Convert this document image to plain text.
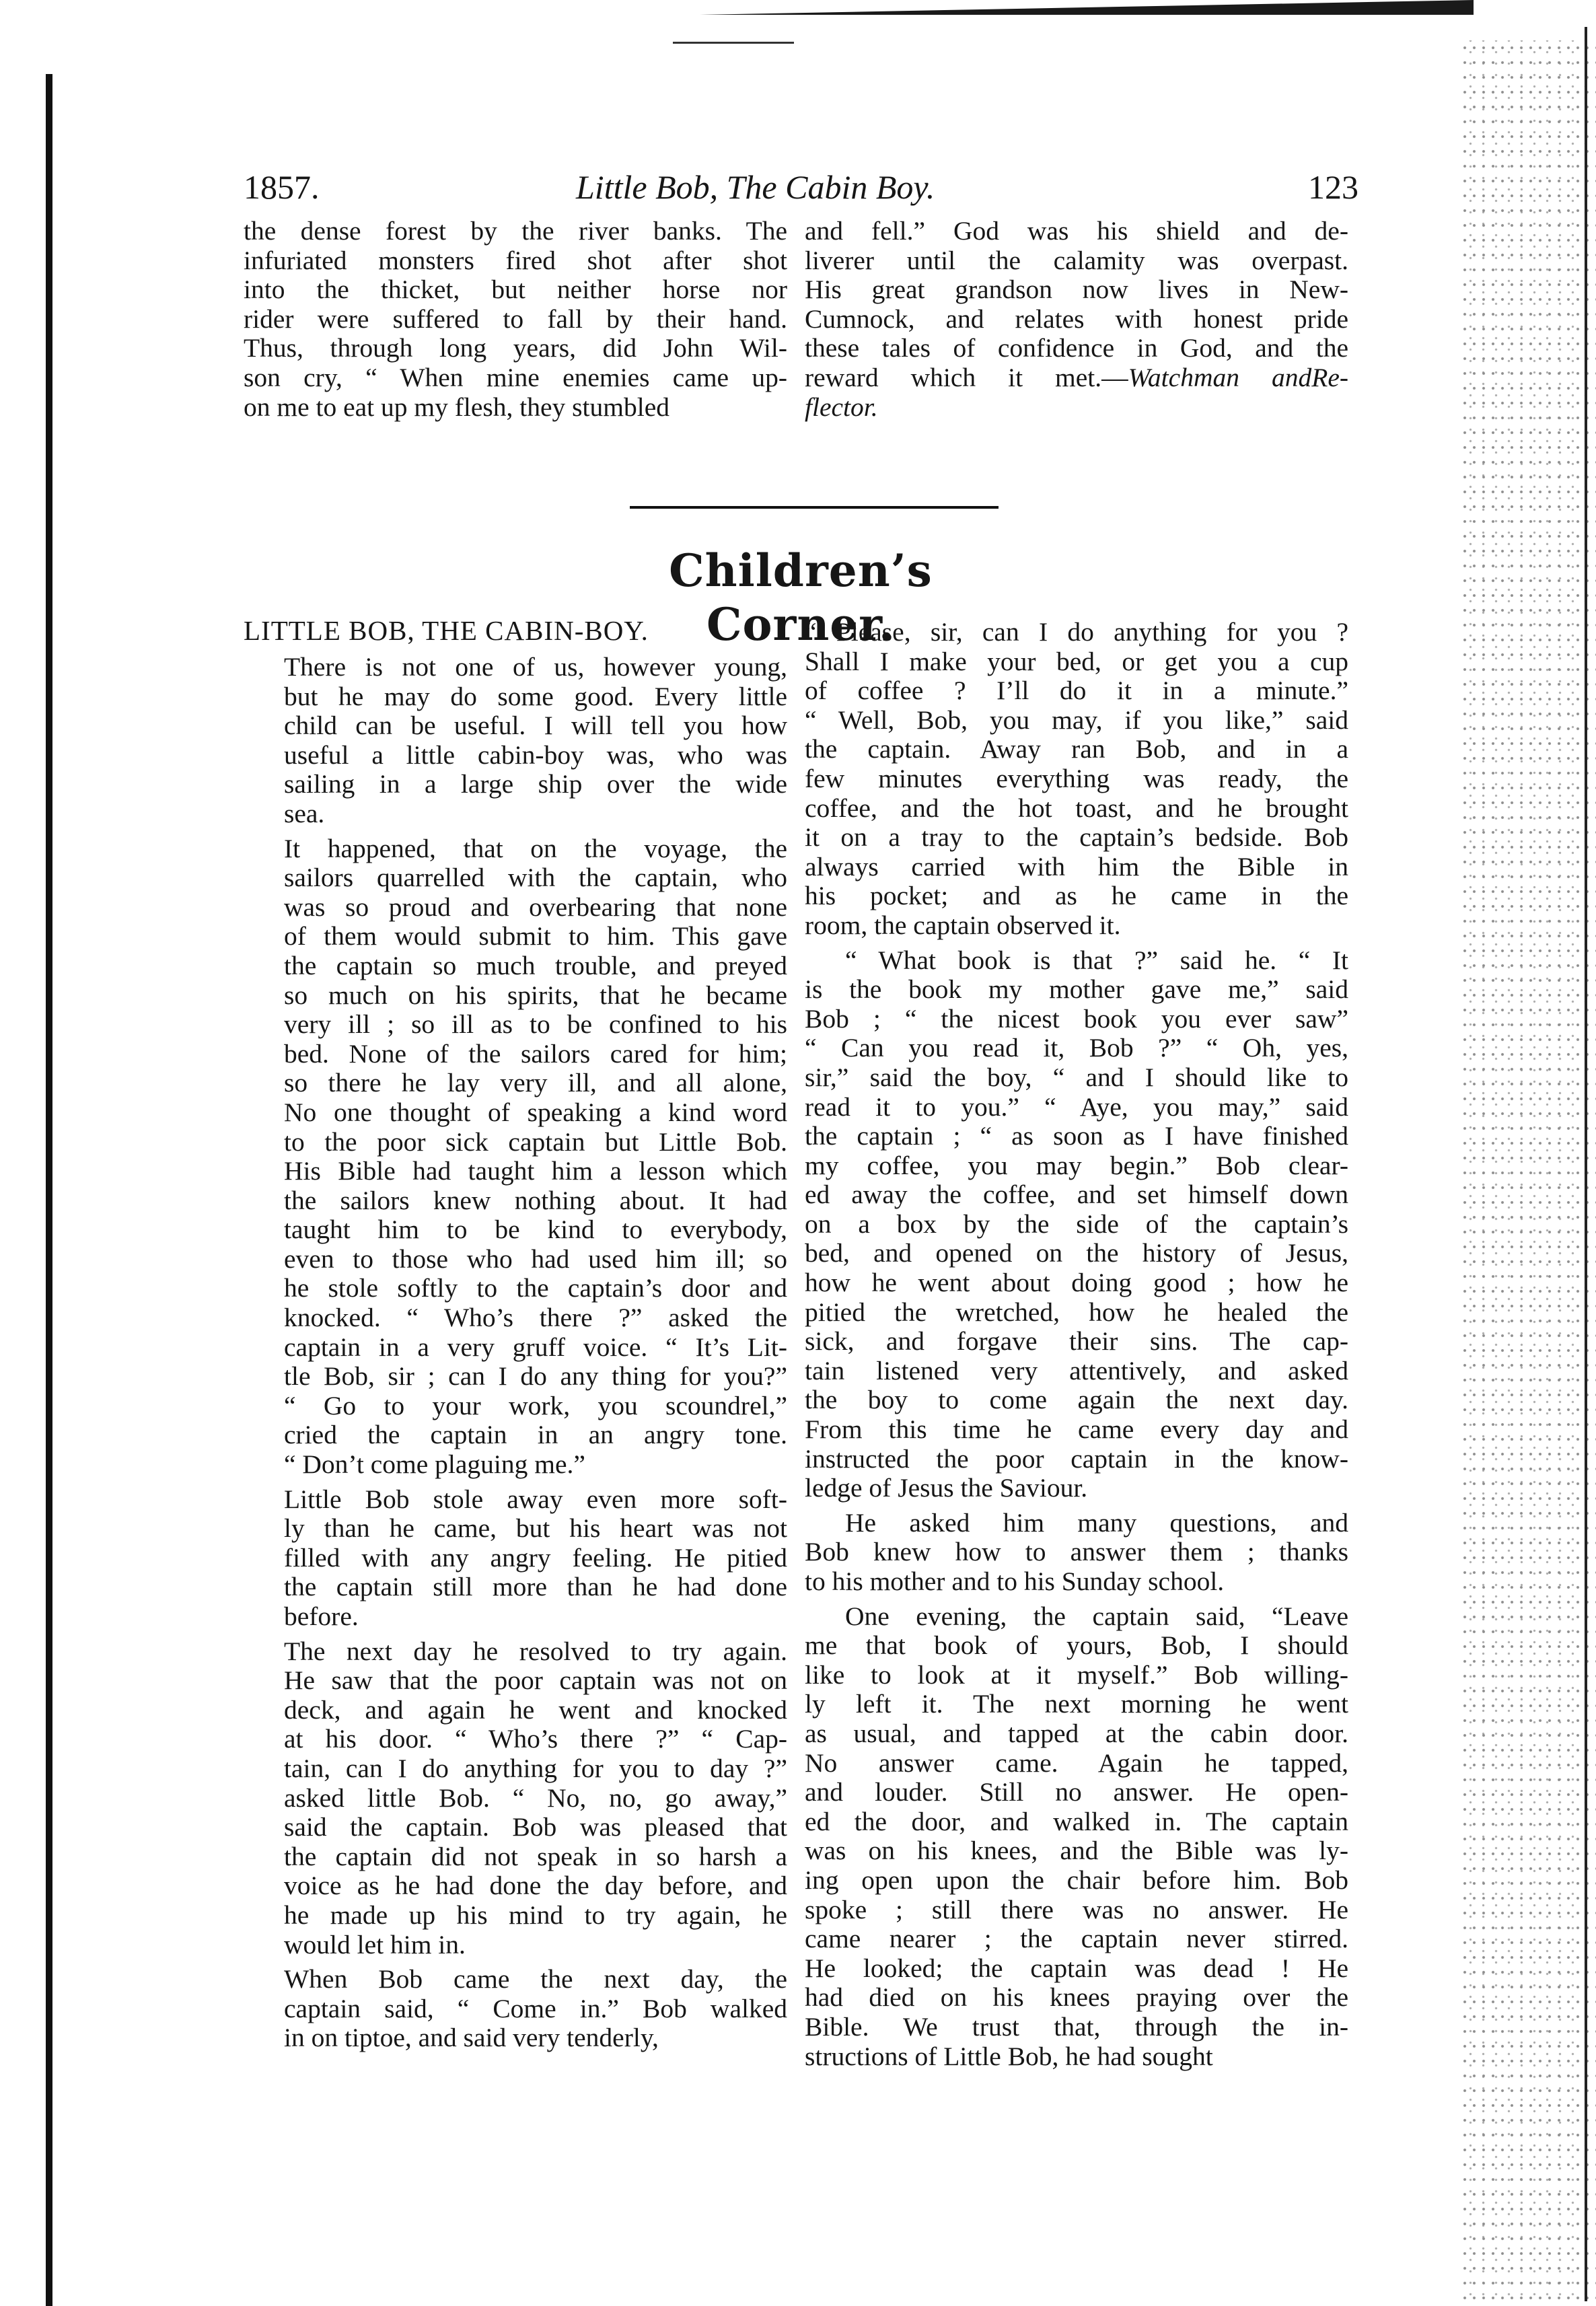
1857.	Little Bob, The Cabin Boy.	123

the dense forest by the river banks. The
infuriated monsters fired shot after shot
into the thicket, but neither horse nor
rider were suffered to fall by their hand.
Thus, through long years, did John Wil-
son cry, “ When mine enemies came up-
on me to eat up my flesh, they stumbled

and fell.” God was his shield and de-
liverer until the calamity was overpast.
His great grandson now lives in New-
Cumnock, and relates with honest pride
these tales of confidence in God, and the
reward which it met.—Watchman andRe-
flector.

Children’s Corner.
LITTLE BOB, THE CABIN-BOY.

There is not one of us, however young,
but he may do some good. Every little
child can be useful. I will tell you how
useful a little cabin-boy was, who was
sailing in a large ship over the wide
sea.

It happened, that on the voyage, the
sailors quarrelled with the captain, who
was so proud and overbearing that none
of them would submit to him. This gave
the captain so much trouble, and preyed
so much on his spirits, that he became
very ill ; so ill as to be confined to his
bed. None of the sailors cared for him;
so there he lay very ill, and all alone,
No one thought of speaking a kind word
to the poor sick captain but Little Bob.
His Bible had taught him a lesson which
the sailors knew nothing about. It had
taught him to be kind to everybody,
even to those who had used him ill; so
he stole softly to the captain’s door and
knocked. “ Who’s there ?” asked the
captain in a very gruff voice. “ It’s Lit-
tle Bob, sir ; can I do any thing for you?”
“ Go to your work, you scoundrel,”
cried the captain in an angry tone.
“ Don’t come plaguing me.”

Little Bob stole away even more soft-
ly than he came, but his heart was not
filled with any angry feeling. He pitied
the captain still more than he had done
before.

The next day he resolved to try again.
He saw that the poor captain was not on
deck, and again he went and knocked
at his door. “ Who’s there ?” “ Cap-
tain, can I do anything for you to day ?”
asked little Bob. “ No, no, go away,”
said the captain. Bob was pleased that
the captain did not speak in so harsh a
voice as he had done the day before, and
he made up his mind to try again, he
would let him in.

When Bob came the next day, the
captain said, “ Come in.” Bob walked
in on tiptoe, and said very tenderly,

“ Please, sir, can I do anything for you ?
Shall I make your bed, or get you a cup
of coffee ? I’ll do it in a minute.”
“ Well, Bob, you may, if you like,” said
the captain. Away ran Bob, and in a
few minutes everything was ready, the
coffee, and the hot toast, and he brought
it on a tray to the captain’s bedside. Bob
always carried with him the Bible in
his pocket; and as he came in the
room, the captain observed it.

“ What book is that ?” said he. “ It
is the book my mother gave me,” said
Bob ; “ the nicest book you ever saw”
“ Can you read it, Bob ?” “ Oh, yes,
sir,” said the boy, “ and I should like to
read it to you.” “ Aye, you may,” said
the captain ; “ as soon as I have finished
my coffee, you may begin.” Bob clear-
ed away the coffee, and set himself down
on a box by the side of the captain’s
bed, and opened on the history of Jesus,
how he went about doing good ; how he
pitied the wretched, how he healed the
sick, and forgave their sins. The cap-
tain listened very attentively, and asked
the boy to come again the next day.
From this time he came every day and
instructed the poor captain in the know-
ledge of Jesus the Saviour.

He asked him many questions, and
Bob knew how to answer them ; thanks
to his mother and to his Sunday school.

One evening, the captain said, “Leave
me that book of yours, Bob, I should
like to look at it myself.” Bob willing-
ly left it. The next morning he went
as usual, and tapped at the cabin door.
No answer came. Again he tapped,
and louder. Still no answer. He open-
ed the door, and walked in. The captain
was on his knees, and the Bible was ly-
ing open upon the chair before him. Bob
spoke ; still there was no answer. He
came nearer ; the captain never stirred.
He looked; the captain was dead ! He
had died on his knees praying over the
Bible. We trust that, through the in-
structions of Little Bob, he had sought
